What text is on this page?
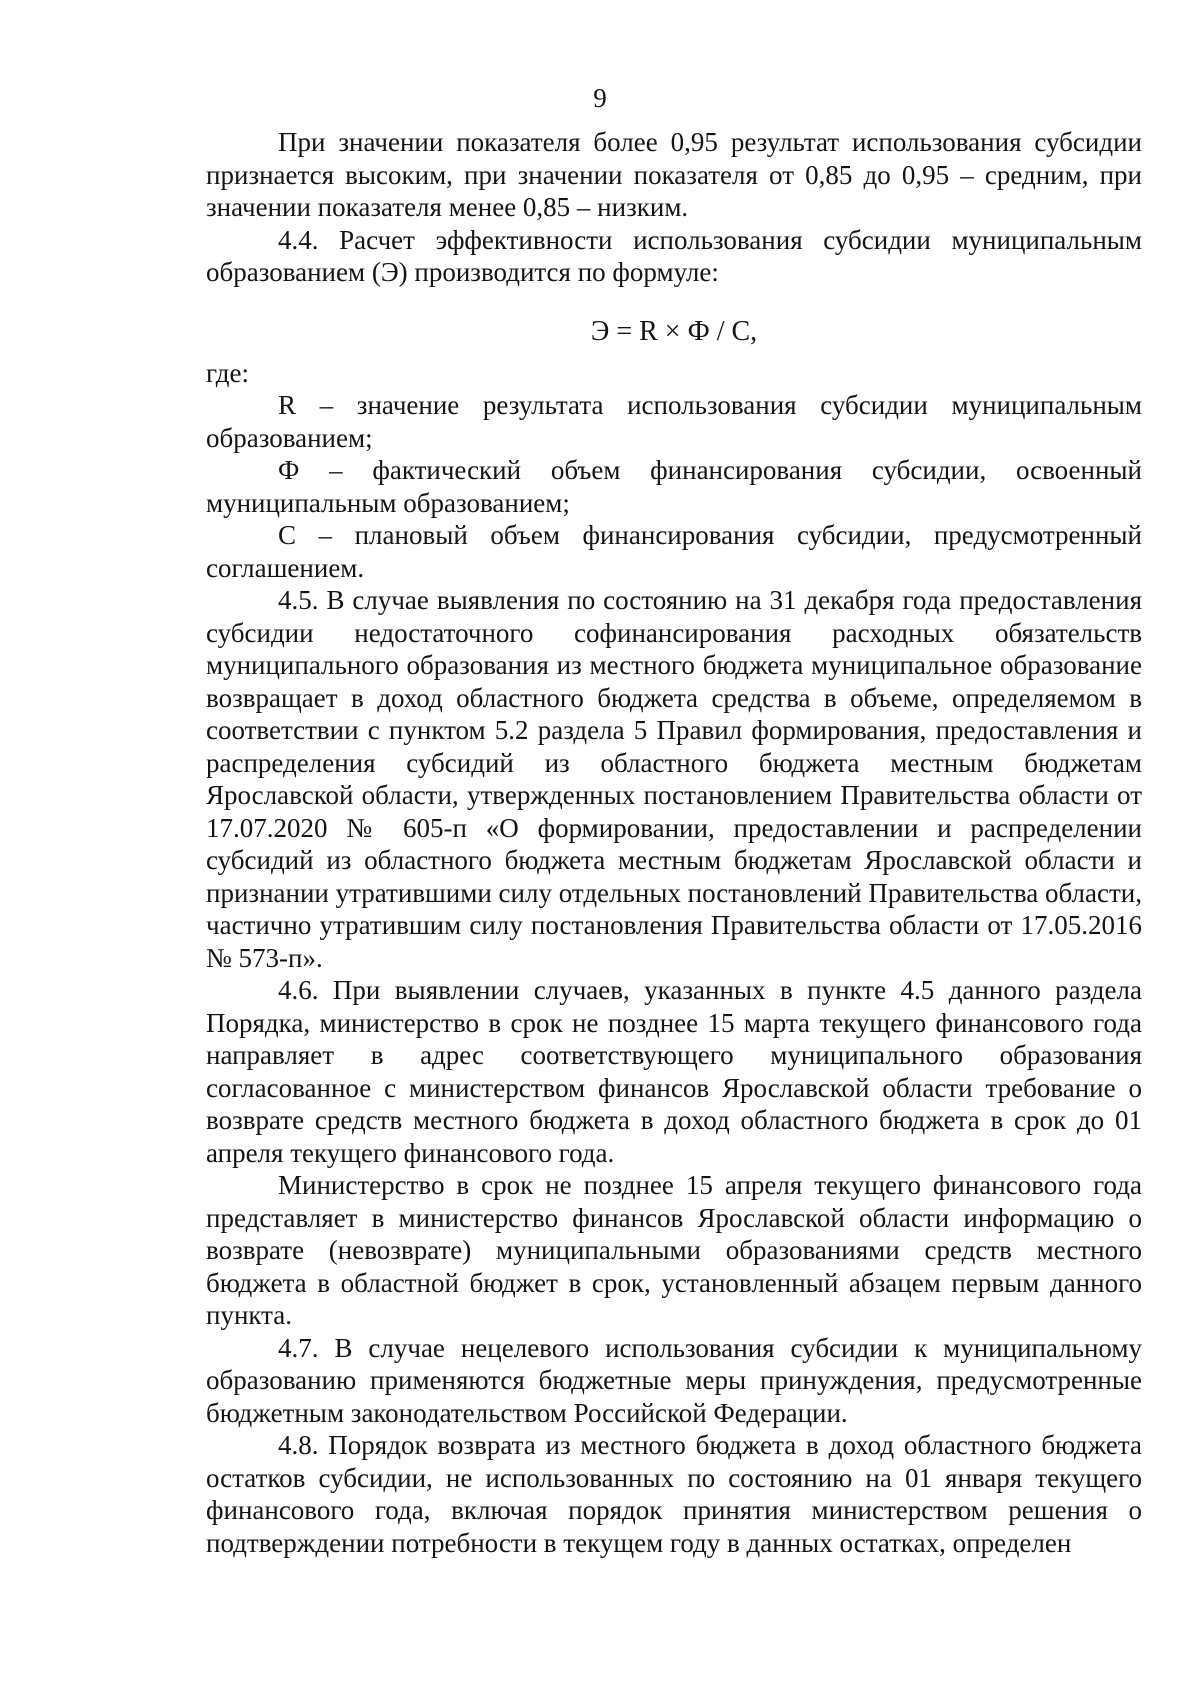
9

При значении показателя более 0,95 результат использования субсидии признается высоким, при значении показателя от 0,85 до 0,95 – средним, при значении показателя менее 0,85 – низким.

4.4. Расчет эффективности использования субсидии муниципальным образованием (Э) производится по формуле:

Э = R × Ф / С,

где:

R – значение результата использования субсидии муниципальным образованием;

Ф – фактический объем финансирования субсидии, освоенный муниципальным образованием;

С – плановый объем финансирования субсидии, предусмотренный соглашением.

4.5. В случае выявления по состоянию на 31 декабря года предоставления субсидии недостаточного софинансирования расходных обязательств муниципального образования из местного бюджета муниципальное образование возвращает в доход областного бюджета средства в объеме, определяемом в соответствии с пунктом 5.2 раздела 5 Правил формирования, предоставления и распределения субсидий из областного бюджета местным бюджетам Ярославской области, утвержденных постановлением Правительства области от 17.07.2020 № 605-п «О формировании, предоставлении и распределении субсидий из областного бюджета местным бюджетам Ярославской области и признании утратившими силу отдельных постановлений Правительства области, частично утратившим силу постановления Правительства области от 17.05.2016 № 573-п».

4.6. При выявлении случаев, указанных в пункте 4.5 данного раздела Порядка, министерство в срок не позднее 15 марта текущего финансового года направляет в адрес соответствующего муниципального образования согласованное с министерством финансов Ярославской области требование о возврате средств местного бюджета в доход областного бюджета в срок до 01 апреля текущего финансового года.

Министерство в срок не позднее 15 апреля текущего финансового года представляет в министерство финансов Ярославской области информацию о возврате (невозврате) муниципальными образованиями средств местного бюджета в областной бюджет в срок, установленный абзацем первым данного пункта.

4.7. В случае нецелевого использования субсидии к муниципальному образованию применяются бюджетные меры принуждения, предусмотренные бюджетным законодательством Российской Федерации.

4.8. Порядок возврата из местного бюджета в доход областного бюджета остатков субсидии, не использованных по состоянию на 01 января текущего финансового года, включая порядок принятия министерством решения о подтверждении потребности в текущем году в данных остатках, определен
